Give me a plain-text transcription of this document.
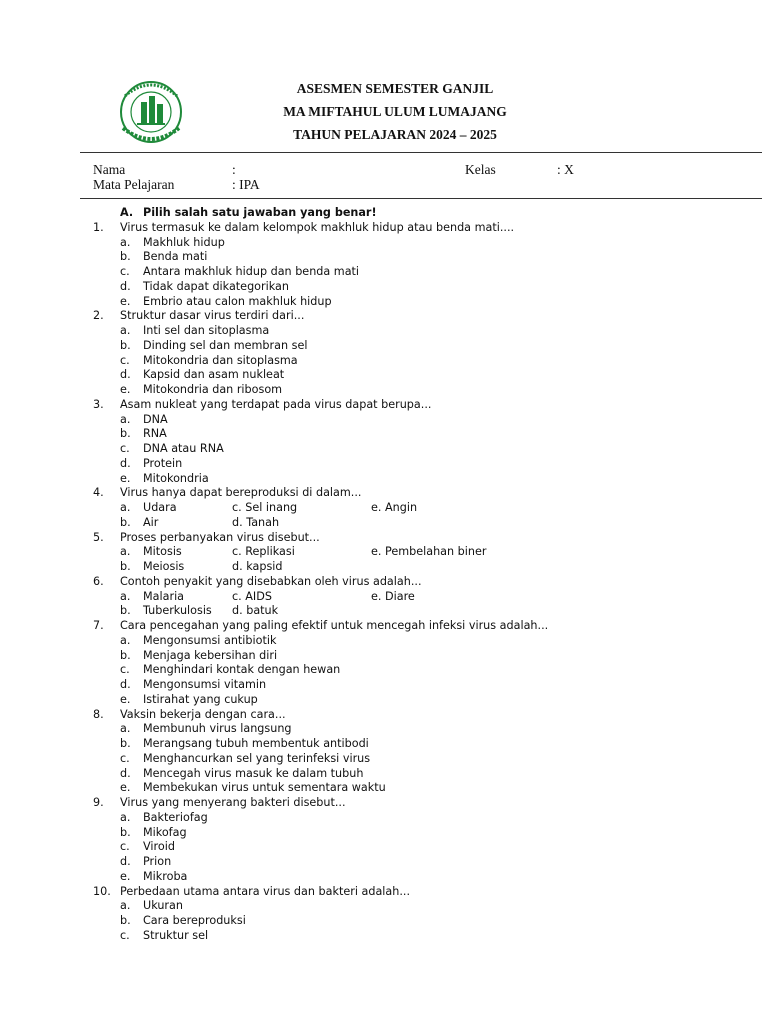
ASESMEN SEMESTER GANJIL
MA MIFTAHUL ULUM LUMAJANG
TAHUN PELAJARAN 2024 – 2025
Nama	:	Kelas	: X
Mata Pelajaran	: IPA
A. Pilih salah satu jawaban yang benar!
1. Virus termasuk ke dalam kelompok makhluk hidup atau benda mati....
a. Makhluk hidup
b. Benda mati
c. Antara makhluk hidup dan benda mati
d. Tidak dapat dikategorikan
e. Embrio atau calon makhluk hidup
2. Struktur dasar virus terdiri dari...
a. Inti sel dan sitoplasma
b. Dinding sel dan membran sel
c. Mitokondria dan sitoplasma
d. Kapsid dan asam nukleat
e. Mitokondria dan ribosom
3. Asam nukleat yang terdapat pada virus dapat berupa...
a. DNA
b. RNA
c. DNA atau RNA
d. Protein
e. Mitokondria
4. Virus hanya dapat bereproduksi di dalam...
a. Udara	c. Sel inang	e. Angin
b. Air	d. Tanah
5. Proses perbanyakan virus disebut...
a. Mitosis	c. Replikasi	e. Pembelahan biner
b. Meiosis	d. kapsid
6. Contoh penyakit yang disebabkan oleh virus adalah...
a. Malaria	c. AIDS	e. Diare
b. Tuberkulosis d. batuk
7. Cara pencegahan yang paling efektif untuk mencegah infeksi virus adalah...
a. Mengonsumsi antibiotik
b. Menjaga kebersihan diri
c. Menghindari kontak dengan hewan
d. Mengonsumsi vitamin
e. Istirahat yang cukup
8. Vaksin bekerja dengan cara...
a. Membunuh virus langsung
b. Merangsang tubuh membentuk antibodi
c. Menghancurkan sel yang terinfeksi virus
d. Mencegah virus masuk ke dalam tubuh
e. Membekukan virus untuk sementara waktu
9. Virus yang menyerang bakteri disebut...
a. Bakteriofag
b. Mikofag
c. Viroid
d. Prion
e. Mikroba
10. Perbedaan utama antara virus dan bakteri adalah...
a. Ukuran
b. Cara bereproduksi
c. Struktur sel
